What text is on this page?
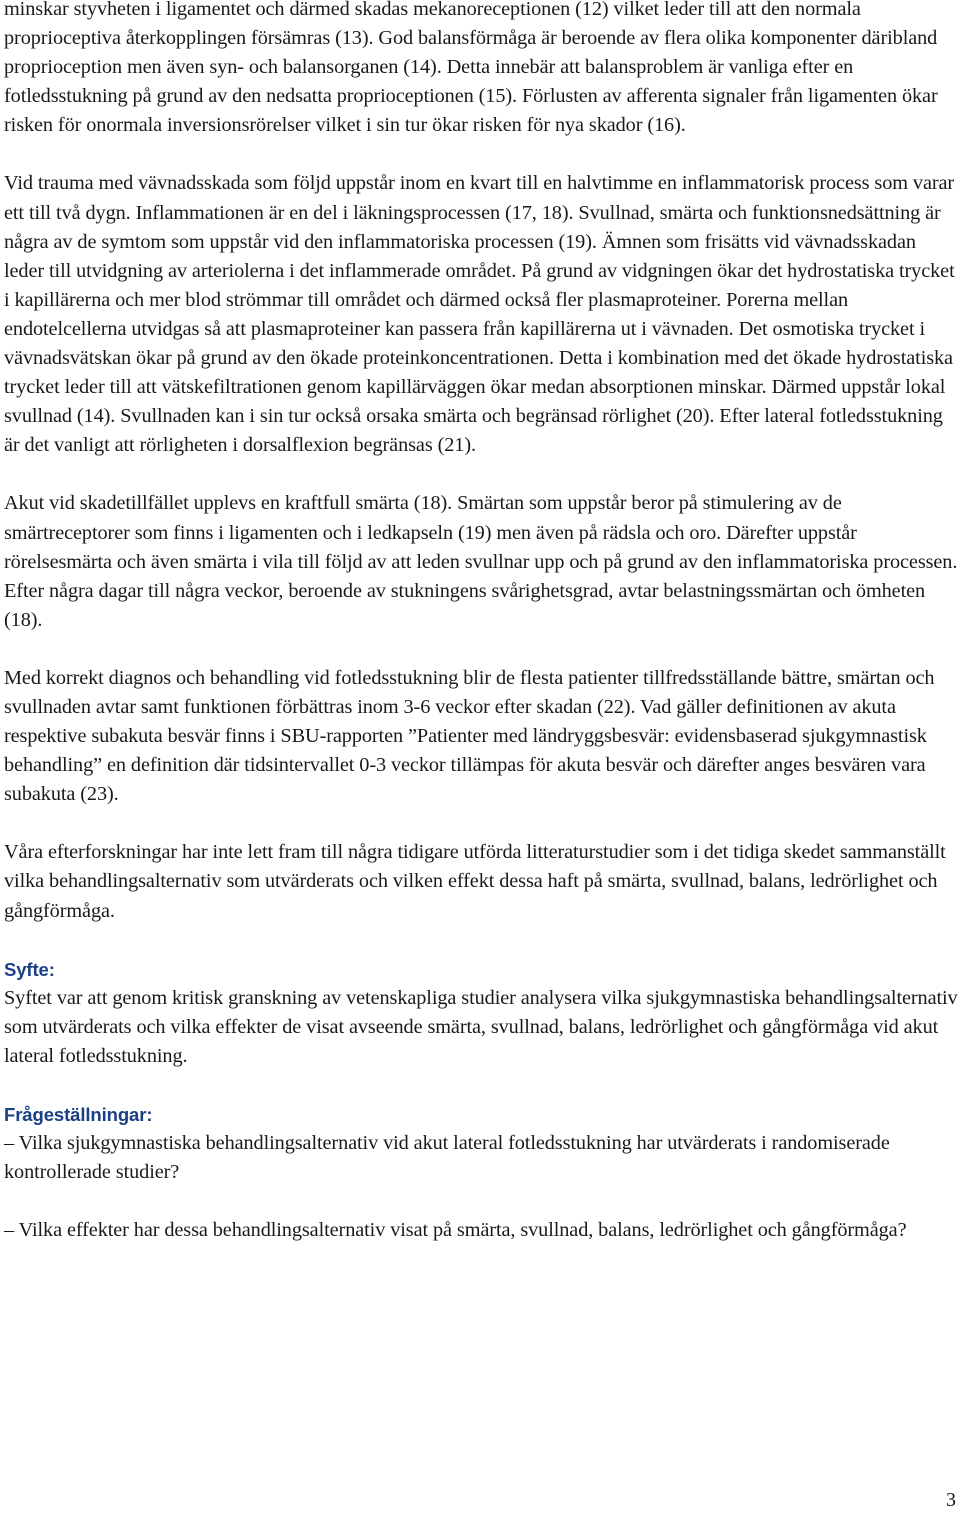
minskar styvheten i ligamentet och därmed skadas mekanoreceptionen (12) vilket leder till att den normala proprioceptiva återkopplingen försämras (13). God balansförmåga är beroende av flera olika komponenter däribland proprioception men även syn- och balansorganen (14). Detta innebär att balansproblem är vanliga efter en fotledsstukning på grund av den nedsatta proprioceptionen (15). Förlusten av afferenta signaler från ligamenten ökar risken för onormala inversionsrörelser vilket i sin tur ökar risken för nya skador (16).

Vid trauma med vävnadsskada som följd uppstår inom en kvart till en halvtimme en inflammatorisk process som varar ett till två dygn. Inflammationen är en del i läkningsprocessen (17, 18). Svullnad, smärta och funktionsnedsättning är några av de symtom som uppstår vid den inflammatoriska processen (19). Ämnen som frisätts vid vävnadsskadan leder till utvidgning av arteriolerna i det inflammerade området. På grund av vidgningen ökar det hydrostatiska trycket i kapillärerna och mer blod strömmar till området och därmed också fler plasmaproteiner. Porerna mellan endotelcellerna utvidgas så att plasmaproteiner kan passera från kapillärerna ut i vävnaden. Det osmotiska trycket i vävnadsvätskan ökar på grund av den ökade proteinkoncentrationen. Detta i kombination med det ökade hydrostatiska trycket leder till att vätskefiltrationen genom kapillärväggen ökar medan absorptionen minskar. Därmed uppstår lokal svullnad (14). Svullnaden kan i sin tur också orsaka smärta och begränsad rörlighet (20). Efter lateral fotledsstukning är det vanligt att rörligheten i dorsalflexion begränsas (21).

Akut vid skadetillfället upplevs en kraftfull smärta (18). Smärtan som uppstår beror på stimulering av de smärtreceptorer som finns i ligamenten och i ledkapseln (19) men även på rädsla och oro. Därefter uppstår rörelsesmärta och även smärta i vila till följd av att leden svullnar upp och på grund av den inflammatoriska processen. Efter några dagar till några veckor, beroende av stukningens svårighetsgrad, avtar belastningssmärtan och ömheten (18).

Med korrekt diagnos och behandling vid fotledsstukning blir de flesta patienter tillfredsställande bättre, smärtan och svullnaden avtar samt funktionen förbättras inom 3-6 veckor efter skadan (22). Vad gäller definitionen av akuta respektive subakuta besvär finns i SBU-rapporten ”Patienter med ländryggsbesvär: evidensbaserad sjukgymnastisk behandling” en definition där tidsintervallet 0-3 veckor tillämpas för akuta besvär och därefter anges besvären vara subakuta (23).

Våra efterforskningar har inte lett fram till några tidigare utförda litteraturstudier som i det tidiga skedet sammanställt vilka behandlingsalternativ som utvärderats och vilken effekt dessa haft på smärta, svullnad, balans, ledrörlighet och gångförmåga.

Syfte:

Syftet var att genom kritisk granskning av vetenskapliga studier analysera vilka sjukgymnastiska behandlingsalternativ som utvärderats och vilka effekter de visat avseende smärta, svullnad, balans, ledrörlighet och gångförmåga vid akut lateral fotledsstukning.

Frågeställningar:

– Vilka sjukgymnastiska behandlingsalternativ vid akut lateral fotledsstukning har utvärderats i randomiserade kontrollerade studier?

– Vilka effekter har dessa behandlingsalternativ visat på smärta, svullnad, balans, ledrörlighet och gångförmåga?

3
